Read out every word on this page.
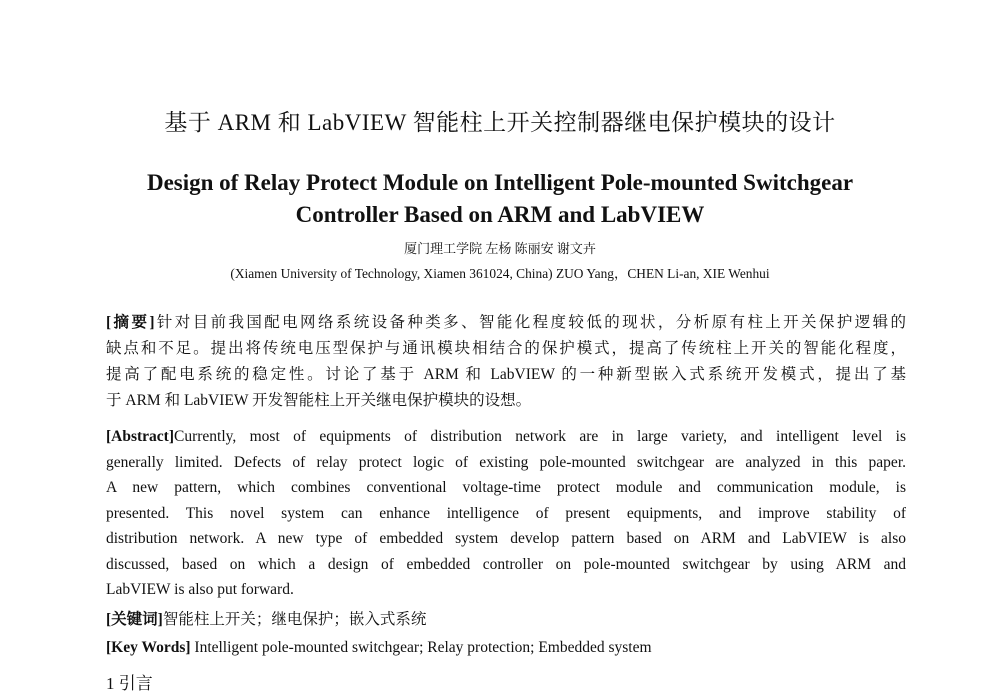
基于 ARM 和 LabVIEW 智能柱上开关控制器继电保护模块的设计
Design of Relay Protect Module on Intelligent Pole-mounted Switchgear
Controller Based on ARM and LabVIEW
厦门理工学院 左杨 陈丽安 谢文卉
(Xiamen University of Technology, Xiamen 361024, China) ZUO Yang，CHEN Li-an, XIE Wenhui
[摘要]针对目前我国配电网络系统设备种类多、智能化程度较低的现状，分析原有柱上开关保护逻辑的
缺点和不足。提出将传统电压型保护与通讯模块相结合的保护模式，提高了传统柱上开关的智能化程度，
提高了配电系统的稳定性。讨论了基于 ARM 和 LabVIEW 的一种新型嵌入式系统开发模式，提出了基
于 ARM 和 LabVIEW 开发智能柱上开关继电保护模块的设想。
[Abstract]Currently, most of equipments of distribution network are in large variety, and intelligent level is
generally limited. Defects of relay protect logic of existing pole-mounted switchgear are analyzed in this paper.
A new pattern, which combines conventional voltage-time protect module and communication module, is
presented. This novel system can enhance intelligence of present equipments, and improve stability of
distribution network. A new type of embedded system develop pattern based on ARM and LabVIEW is also
discussed, based on which a design of embedded controller on pole-mounted switchgear by using ARM and
LabVIEW is also put forward.
[关键词]智能柱上开关；继电保护；嵌入式系统
[Key Words] Intelligent pole-mounted switchgear; Relay protection; Embedded system
1 引言
